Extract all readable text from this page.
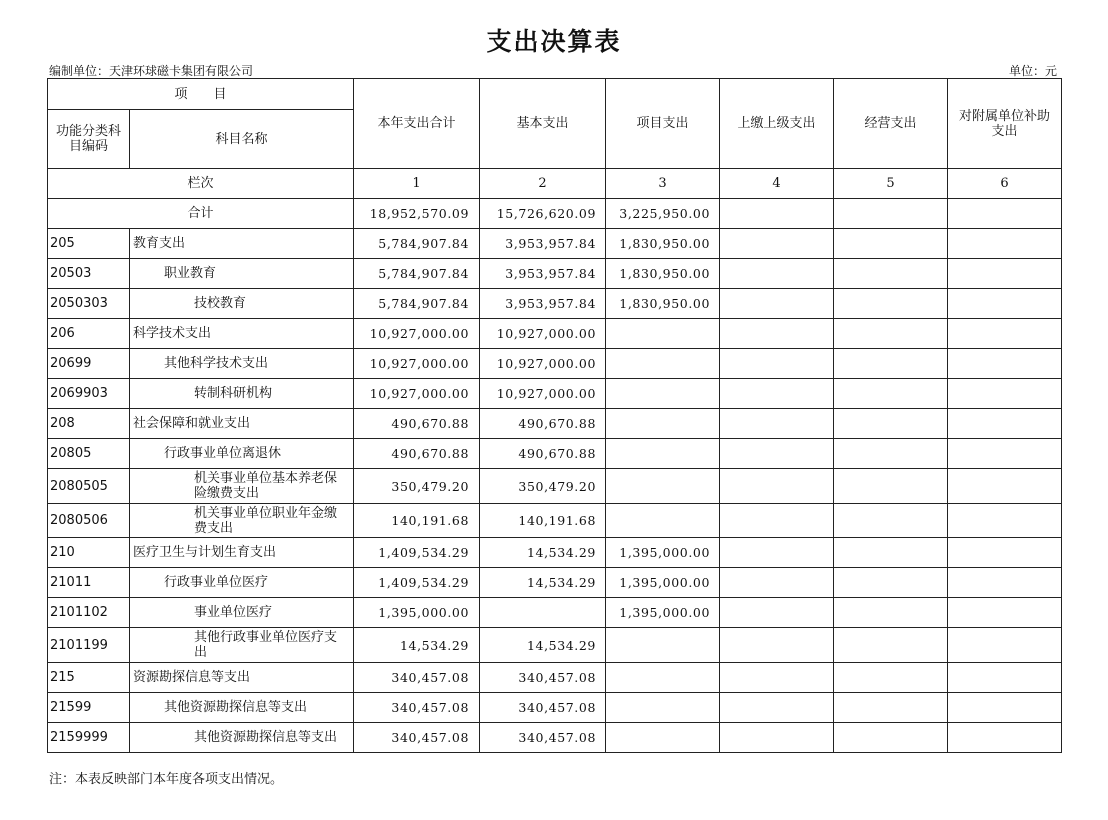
支出决算表
编制单位：天津环球磁卡集团有限公司	单位：元
项　　目		本年支出合计	基本支出	项目支出	上缴上级支出	经营支出	对附属单位补助支出
功能分类科目编码	科目名称						
栏次		1	2	3	4	5	6
合计		18,952,570.09	15,726,620.09	3,225,950.00			
205	教育支出	5,784,907.84	3,953,957.84	1,830,950.00			
20503	职业教育	5,784,907.84	3,953,957.84	1,830,950.00			
2050303	技校教育	5,784,907.84	3,953,957.84	1,830,950.00			
206	科学技术支出	10,927,000.00	10,927,000.00				
20699	其他科学技术支出	10,927,000.00	10,927,000.00				
2069903	转制科研机构	10,927,000.00	10,927,000.00				
208	社会保障和就业支出	490,670.88	490,670.88				
20805	行政事业单位离退休	490,670.88	490,670.88				
2080505	机关事业单位基本养老保险缴费支出	350,479.20	350,479.20				
2080506	机关事业单位职业年金缴费支出	140,191.68	140,191.68				
210	医疗卫生与计划生育支出	1,409,534.29	14,534.29	1,395,000.00			
21011	行政事业单位医疗	1,409,534.29	14,534.29	1,395,000.00			
2101102	事业单位医疗	1,395,000.00		1,395,000.00			
2101199	其他行政事业单位医疗支出	14,534.29	14,534.29				
215	资源勘探信息等支出	340,457.08	340,457.08				
21599	其他资源勘探信息等支出	340,457.08	340,457.08				
2159999	其他资源勘探信息等支出	340,457.08	340,457.08				
注：本表反映部门本年度各项支出情况。
